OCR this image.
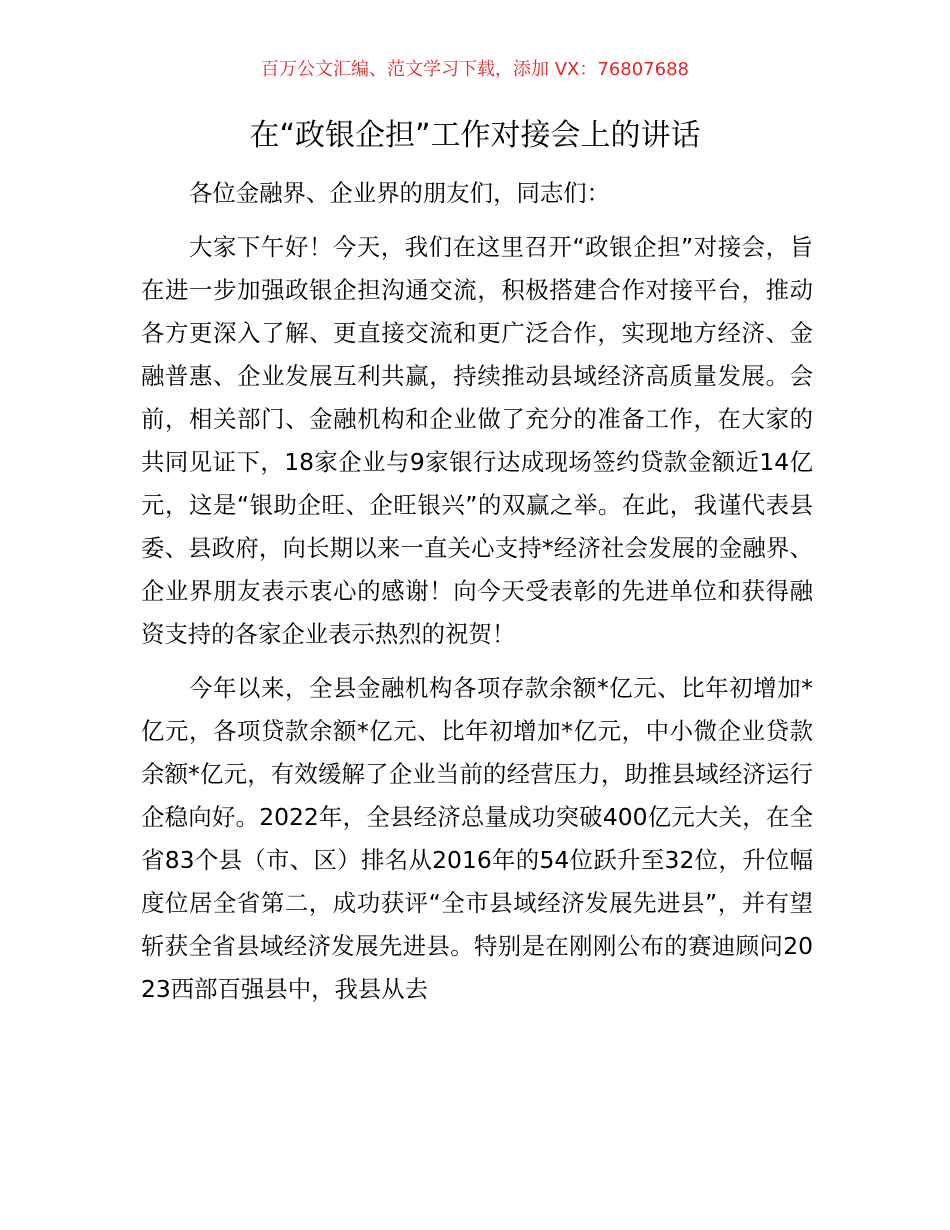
百万公文汇编、范文学习下载，添加 VX：76807688
在“政银企担”工作对接会上的讲话

各位金融界、企业界的朋友们，同志们：

大家下午好！今天，我们在这里召开“政银企担”对接会，旨在进一步加强政银企担沟通交流，积极搭建合作对接平台，推动各方更深入了解、更直接交流和更广泛合作，实现地方经济、金融普惠、企业发展互利共赢，持续推动县域经济高质量发展。会前，相关部门、金融机构和企业做了充分的准备工作，在大家的共同见证下，18家企业与9家银行达成现场签约贷款金额近14亿元，这是“银助企旺、企旺银兴”的双赢之举。在此，我谨代表县委、县政府，向长期以来一直关心支持*经济社会发展的金融界、企业界朋友表示衷心的感谢！向今天受表彰的先进单位和获得融资支持的各家企业表示热烈的祝贺！

今年以来，全县金融机构各项存款余额*亿元、比年初增加*亿元，各项贷款余额*亿元、比年初增加*亿元，中小微企业贷款余额*亿元，有效缓解了企业当前的经营压力，助推县域经济运行企稳向好。2022年，全县经济总量成功突破400亿元大关，在全省83个县（市、区）排名从2016年的54位跃升至32位，升位幅度位居全省第二，成功获评“全市县域经济发展先进县”，并有望斩获全省县域经济发展先进县。特别是在刚刚公布的赛迪顾问2023西部百强县中，我县从去
